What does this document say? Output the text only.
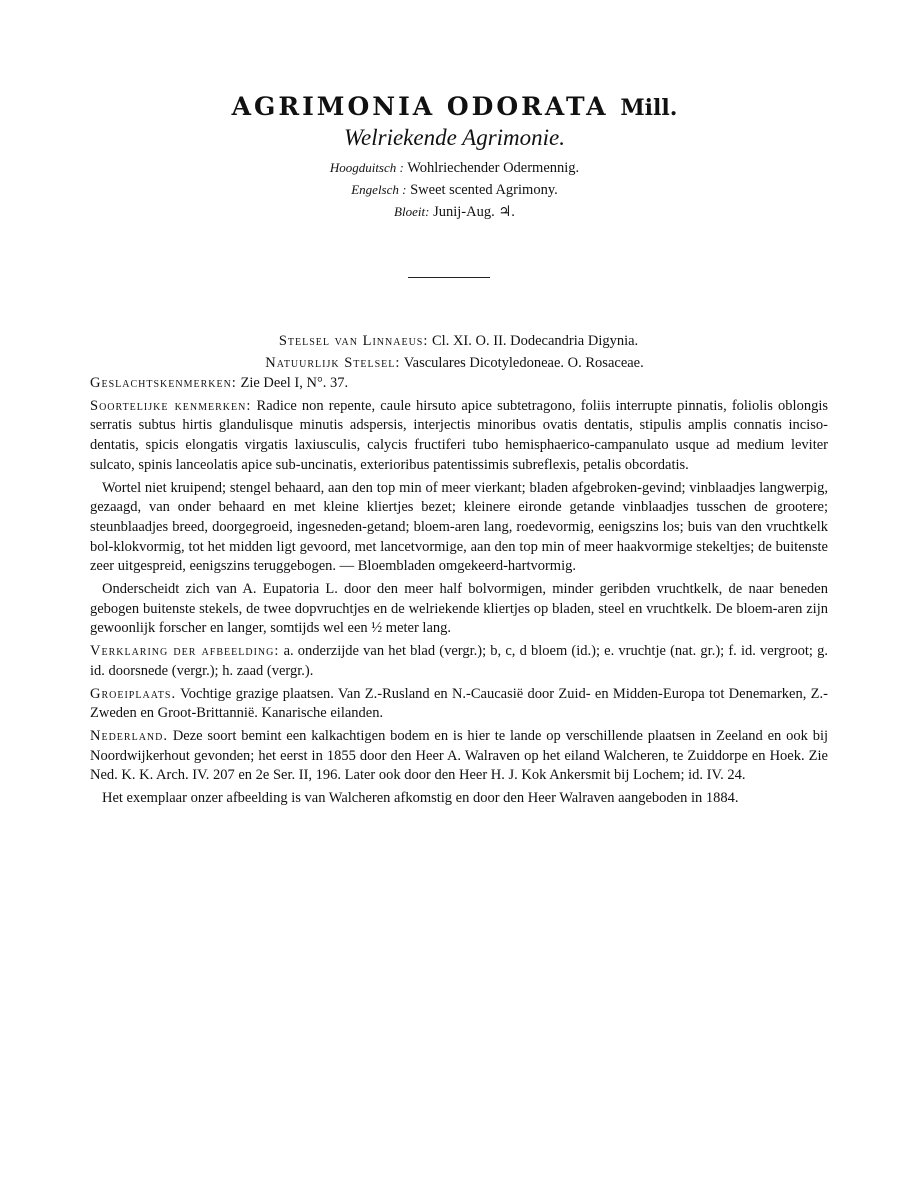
AGRIMONIA ODORATA Mill.
Welriekende Agrimonie.
Hoogduitsch : Wohlriechender Odermennig.
Engelsch : Sweet scented Agrimony.
Bloeit: Junij-Aug. ♃.
Stelsel van Linnaeus: Cl. XI. O. II. Dodecandria Digynia.
Natuurlijk Stelsel: Vasculares Dicotyledoneae. O. Rosaceae.

Geslachtskenmerken: Zie Deel I, N°. 37.

Soortelijke kenmerken: Radice non repente, caule hirsuto apice subtetragono, foliis interrupte pinnatis, foliolis oblongis serratis subtus hirtis glandulisque minutis adspersis, interjectis minoribus ovatis dentatis, stipulis amplis connatis inciso-dentatis, spicis elongatis virgatis laxiusculis, calycis fructiferi tubo hemisphaerico-campanulato usque ad medium leviter sulcato, spinis lanceolatis apice sub-uncinatis, exterioribus patentissimis subreflexis, petalis obcordatis.

Wortel niet kruipend; stengel behaard, aan den top min of meer vierkant; bladen afgebroken-gevind; vinblaadjes langwerpig, gezaagd, van onder behaard en met kleine kliertjes bezet; kleinere eironde getande vinblaadjes tusschen de grootere; steunblaadjes breed, doorgegroeid, ingesneden-getand; bloem-aren lang, roedevormig, eenigszins los; buis van den vruchtkelk bol-klokvormig, tot het midden ligt gevoord, met lancetvormige, aan den top min of meer haakvormige stekeltjes; de buitenste zeer uitgespreid, eenigszins teruggebogen. — Bloembladen omgekeerd-hartvormig.

Onderscheidt zich van A. Eupatoria L. door den meer half bolvormigen, minder geribden vruchtkelk, de naar beneden gebogen buitenste stekels, de twee dopvruchtjes en de welriekende kliertjes op bladen, steel en vruchtkelk. De bloem-aren zijn gewoonlijk forscher en langer, somtijds wel een ½ meter lang.

Verklaring der afbeelding: a. onderzijde van het blad (vergr.); b, c, d bloem (id.); e. vruchtje (nat. gr.); f. id. vergroot; g. id. doorsnede (vergr.); h. zaad (vergr.).

Groeiplaats. Vochtige grazige plaatsen. Van Z.-Rusland en N.-Caucasië door Zuid- en Midden-Europa tot Denemarken, Z.-Zweden en Groot-Brittannië. Kanarische eilanden.

Nederland. Deze soort bemint een kalkachtigen bodem en is hier te lande op verschillende plaatsen in Zeeland en ook bij Noordwijkerhout gevonden; het eerst in 1855 door den Heer A. Walraven op het eiland Walcheren, te Zuiddorpe en Hoek. Zie Ned. K. K. Arch. IV. 207 en 2e Ser. II, 196. Later ook door den Heer H. J. Kok Ankersmit bij Lochem; id. IV. 24.

Het exemplaar onzer afbeelding is van Walcheren afkomstig en door den Heer Walraven aangeboden in 1884.
